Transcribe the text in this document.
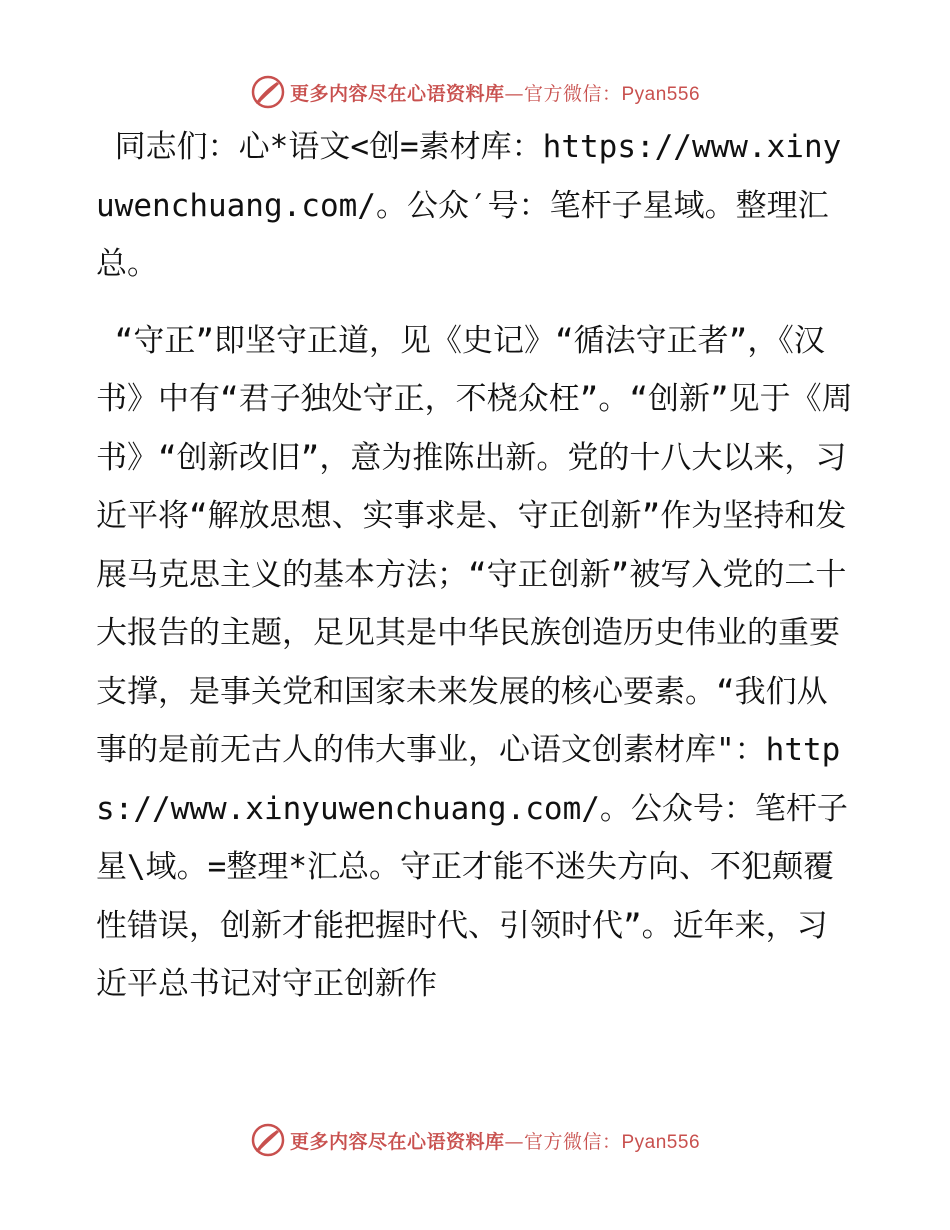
更多内容尽在心语资料库—官方微信：Pyan556

同志们：心*语文<创=素材库：https://www.xinyuwenchuang.com/。公众′号：笔杆子星域。整理汇总。

“守正”即坚守正道，见《史记》“循法守正者”，《汉书》中有“君子独处守正，不桡众枉”。“创新”见于《周书》“创新改旧”，意为推陈出新。党的十八大以来，习近平将“解放思想、实事求是、守正创新”作为坚持和发展马克思主义的基本方法；“守正创新”被写入党的二十大报告的主题，足见其是中华民族创造历史伟业的重要支撑，是事关党和国家未来发展的核心要素。“我们从事的是前无古人的伟大事业，心语文创素材库"：https://www.xinyuwenchuang.com/。公众号：笔杆子星\域。=整理*汇总。守正才能不迷失方向、不犯颠覆性错误，创新才能把握时代、引领时代”。近年来，习近平总书记对守正创新作

更多内容尽在心语资料库—官方微信：Pyan556
